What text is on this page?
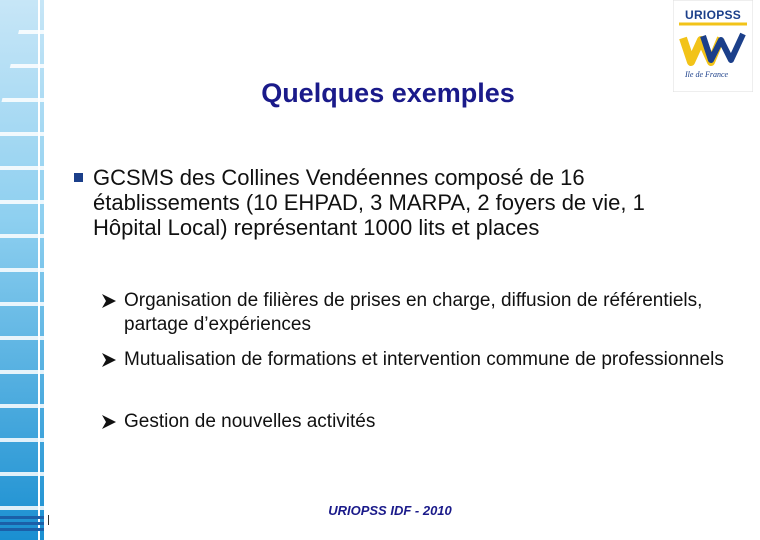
URIOPSS
Ile de France
Quelques exemples
GCSMS des Collines Vendéennes composé de 16 établissements (10 EHPAD, 3 MARPA, 2 foyers de vie, 1 Hôpital Local) représentant 1000 lits et places
Organisation de filières de prises en charge, diffusion de référentiels, partage d’expériences
Mutualisation de formations et intervention commune de professionnels
Gestion de nouvelles activités
URIOPSS IDF - 2010
